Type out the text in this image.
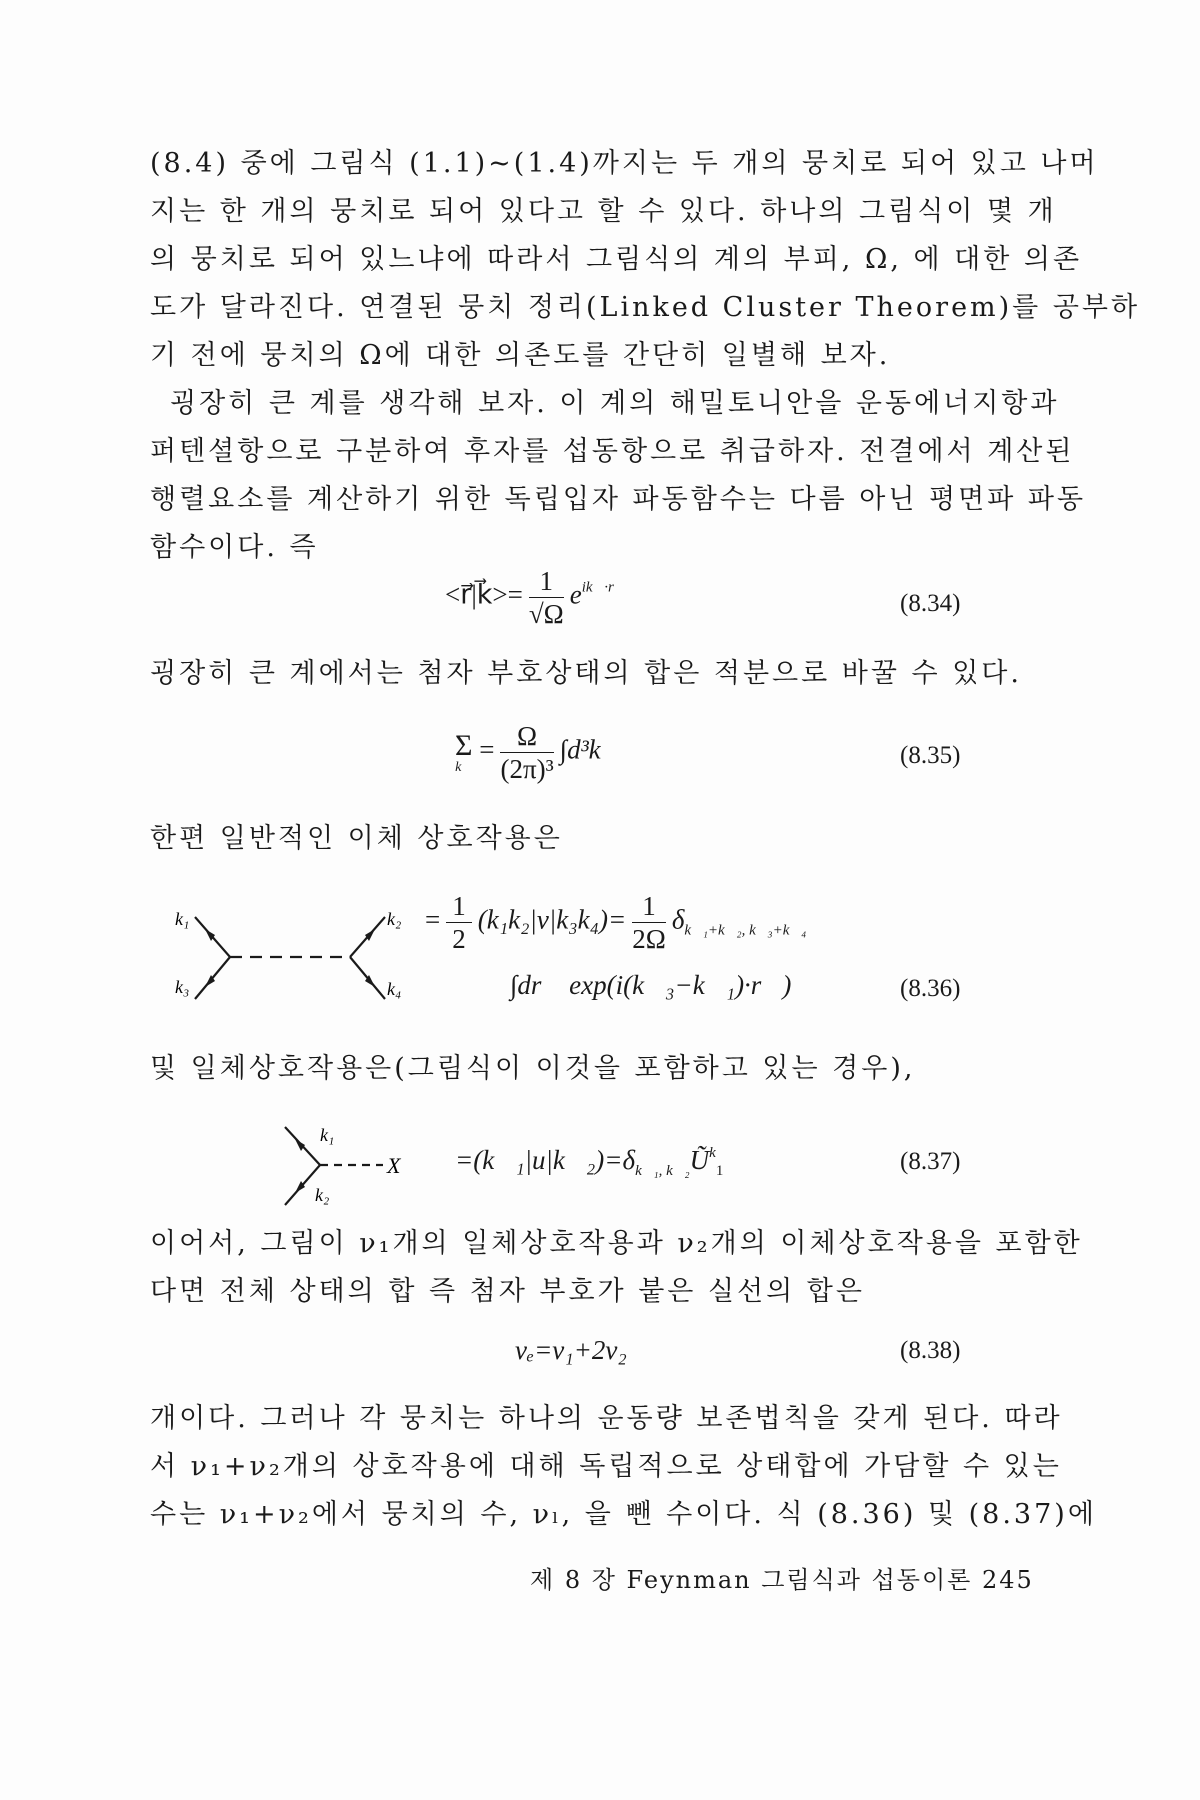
(8.4) 중에 그림식 (1.1)~(1.4)까지는 두 개의 뭉치로 되어 있고 나머
지는 한 개의 뭉치로 되어 있다고 할 수 있다. 하나의 그림식이 몇 개
의 뭉치로 되어 있느냐에 따라서 그림식의 계의 부피, Ω, 에 대한 의존
도가 달라진다. 연결된 뭉치 정리(Linked Cluster Theorem)를 공부하
기 전에 뭉치의 Ω에 대한 의존도를 간단히 일별해 보자.
굉장히 큰 계를 생각해 보자. 이 계의 해밀토니안을 운동에너지항과
퍼텐셜항으로 구분하여 후자를 섭동항으로 취급하자. 전결에서 계산된
행렬요소를 계산하기 위한 독립입자 파동함수는 다름 아닌 평면파 파동
함수이다. 즉
<r⃗|k⃗>= $\frac{1}{√\Omega} e^{ik⃗\cdot r⃗}$
(8.34)
굉장히 큰 계에서는 첨자 부호상태의 합은 적분으로 바꿀 수 있다.
Σ
k⃗
= $\frac{\Omega}{\text{(2π)³}}$ ∫d³k⃗	(8.35)
한편 일반적인 이체 상호작용은
k₁
k₃
k₂
k₄
= $\frac{1}{2} (k_1k_2|v|k_3k_4)= \frac{1}{2\Omega} \delta_{k⃗_1+k⃗_2, k⃗_3+k⃗_4}$
∫dr⃗ exp(i(k⃗₃−k⃗₁)·r⃗)	(8.36)
및 일체상호작용은(그림식이 이것을 포함하고 있는 경우),
k₁
k₂
$X =(k⃗_1|u|k⃗_2)=\delta_{k⃗_1, k⃗_2}Ũ^k_1$	(8.37)
이어서, 그림이 ν₁개의 일체상호작용과 ν₂개의 이체상호작용을 포함한
다면 전체 상태의 합 즉 첨자 부호가 붙은 실선의 합은
νₑ=ν₁+2ν₂	(8.38)
개이다. 그러나 각 뭉치는 하나의 운동량 보존법칙을 갖게 된다. 따라
서 ν₁+ν₂개의 상호작용에 대해 독립적으로 상태합에 가담할 수 있는
수는 ν₁+ν₂에서 뭉치의 수, νₗ, 을 뺀 수이다. 식 (8.36) 및 (8.37)에
제 8 장 Feynman 그림식과 섭동이론 245
